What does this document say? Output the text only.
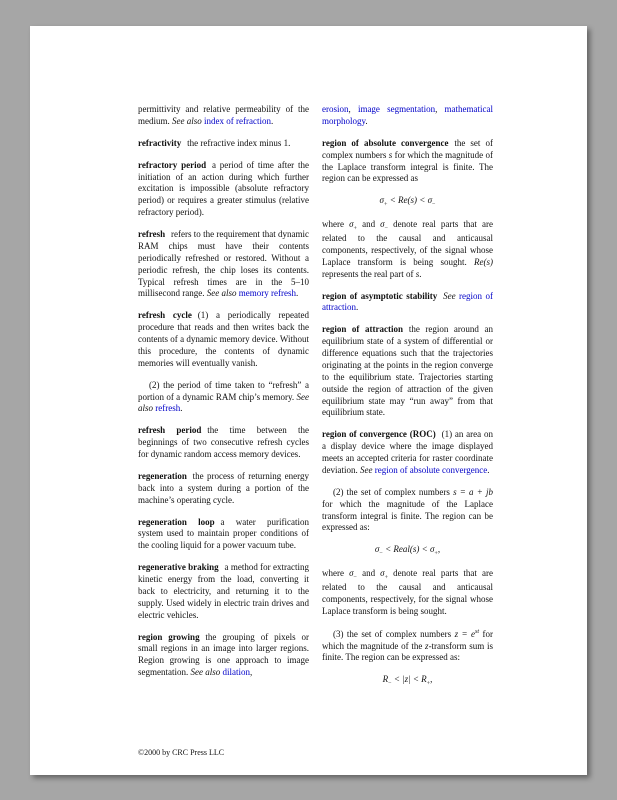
permittivity and relative permeability of the medium. See also index of refraction.

refractivity the refractive index minus 1.

refractory period a period of time after the initiation of an action during which further excitation is impossible (absolute refractory period) or requires a greater stimulus (relative refractory period).

refresh refers to the requirement that dynamic RAM chips must have their contents periodically refreshed or restored. Without a periodic refresh, the chip loses its contents. Typical refresh times are in the 5–10 millisecond range. See also memory refresh.

refresh cycle (1) a periodically repeated procedure that reads and then writes back the contents of a dynamic memory device. Without this procedure, the contents of dynamic memories will eventually vanish.

(2) the period of time taken to “refresh” a portion of a dynamic RAM chip’s memory. See also refresh.

refresh period the time between the beginnings of two consecutive refresh cycles for dynamic random access memory devices.

regeneration the process of returning energy back into a system during a portion of the machine’s operating cycle.

regeneration loop a water purification system used to maintain proper conditions of the cooling liquid for a power vacuum tube.

regenerative braking a method for extracting kinetic energy from the load, converting it back to electricity, and returning it to the supply. Used widely in electric train drives and electric vehicles.

region growing the grouping of pixels or small regions in an image into larger regions. Region growing is one approach to image segmentation. See also dilation,

erosion, image segmentation, mathematical morphology.

region of absolute convergence the set of complex numbers s for which the magnitude of the Laplace transform integral is finite. The region can be expressed as

$\sigma_+ < Re(s) < \sigma_-$

where $\sigma_+$ and $\sigma_-$ denote real parts that are related to the causal and anticausal components, respectively, of the signal whose Laplace transform is being sought. Re(s) represents the real part of s.

region of asymptotic stability See region of attraction.

region of attraction the region around an equilibrium state of a system of differential or difference equations such that the trajectories originating at the points in the region converge to the equilibrium state. Trajectories starting outside the region of attraction of the given equilibrium state may “run away” from that equilibrium state.

region of convergence (ROC) (1) an area on a display device where the image displayed meets an accepted criteria for raster coordinate deviation. See region of absolute convergence.

(2) the set of complex numbers s = a + jb for which the magnitude of the Laplace transform integral is finite. The region can be expressed as:

$\sigma_-$ < Real(s) < $\sigma_+$,

where $\sigma_-$ and $\sigma_+$ denote real parts that are related to the causal and anticausal components, respectively, for the signal whose Laplace transform is being sought.

(3) the set of complex numbers $z = e^{st}$ for which the magnitude of the z-transform sum is finite. The region can be expressed as:

$R_- < |z| < R_+$,

©2000 by CRC Press LLC
